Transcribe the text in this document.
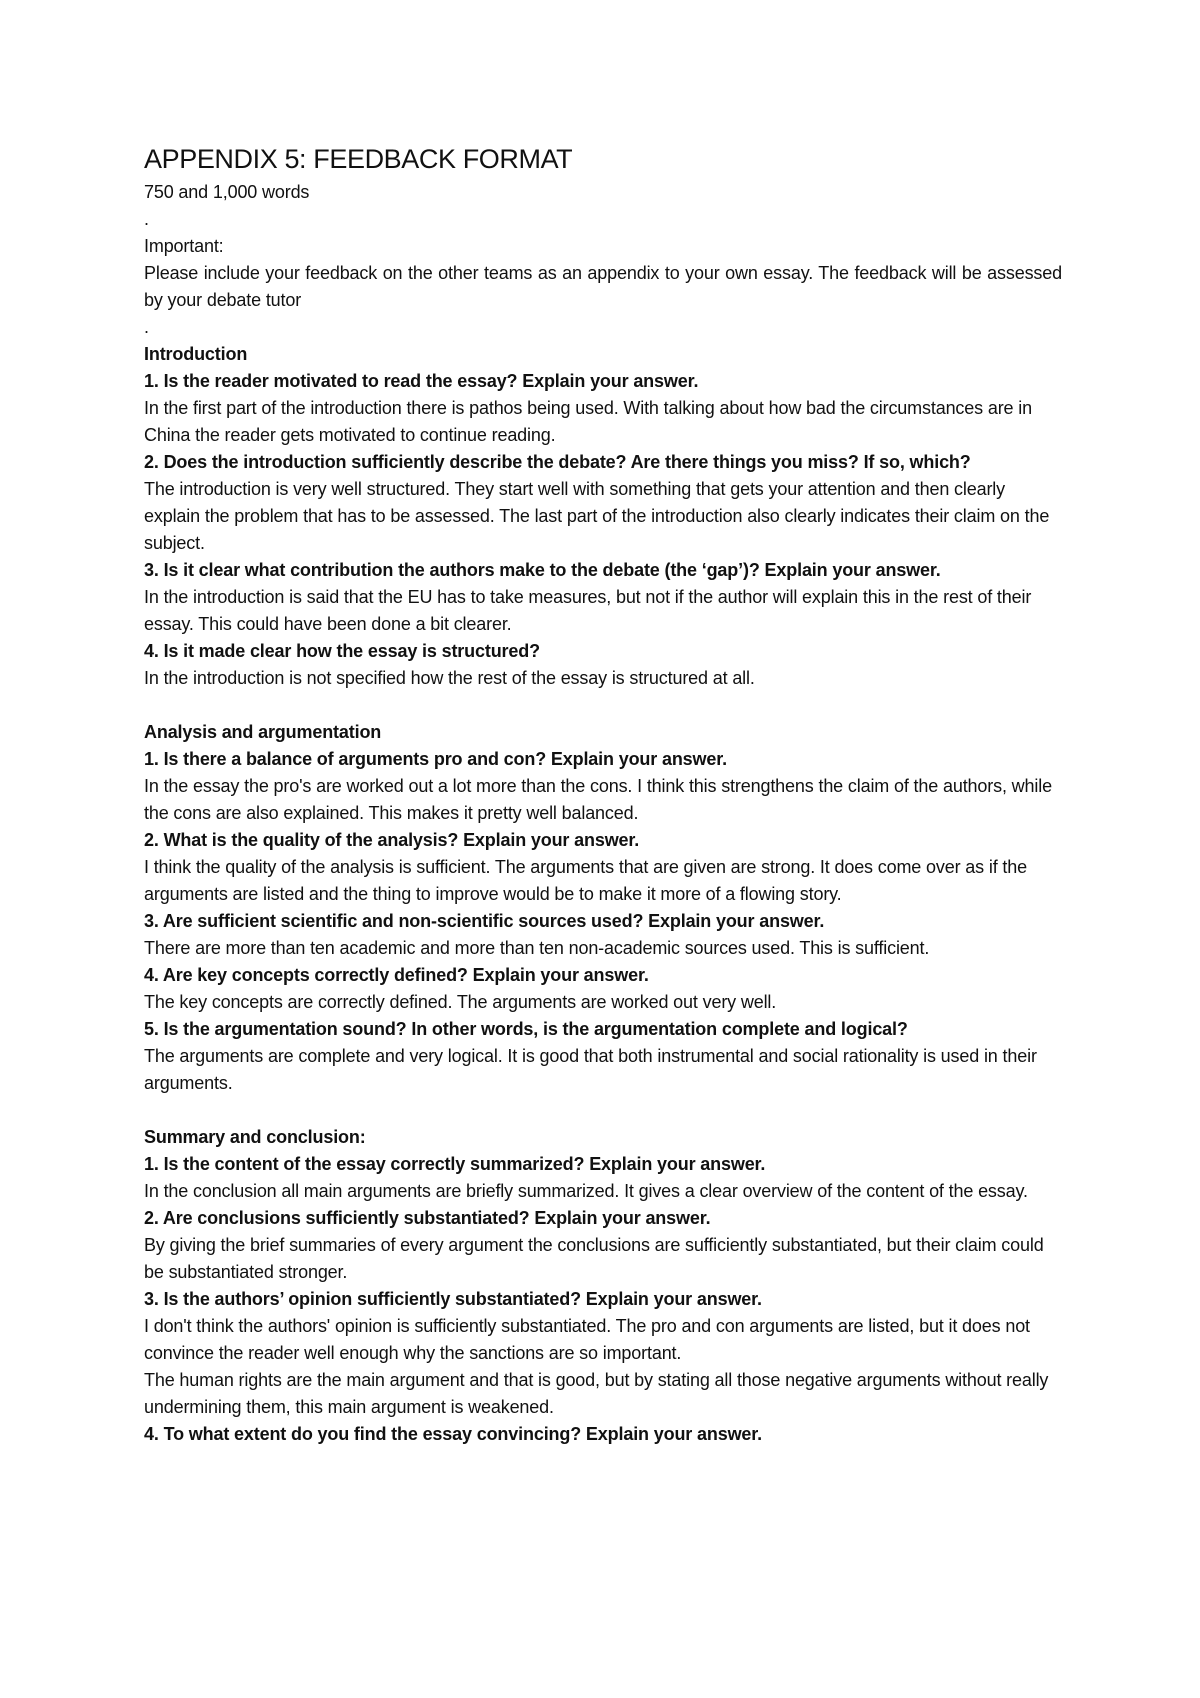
APPENDIX 5: FEEDBACK FORMAT

750 and 1,000 words

.

Important:

Please include your feedback on the other teams as an appendix to your own essay. The feedback will be assessed by your debate tutor

.

Introduction

1. Is the reader motivated to read the essay? Explain your answer.

In the first part of the introduction there is pathos being used. With talking about how bad the circumstances are in China the reader gets motivated to continue reading.

2. Does the introduction sufficiently describe the debate? Are there things you miss? If so, which?

The introduction is very well structured. They start well with something that gets your attention and then clearly explain the problem that has to be assessed. The last part of the introduction also clearly indicates their claim on the subject.

3. Is it clear what contribution the authors make to the debate (the ‘gap’)? Explain your answer.

In the introduction is said that the EU has to take measures, but not if the author will explain this in the rest of their essay. This could have been done a bit clearer.

4. Is it made clear how the essay is structured?

In the introduction is not specified how the rest of the essay is structured at all.

Analysis and argumentation

1. Is there a balance of arguments pro and con? Explain your answer.

In the essay the pro's are worked out a lot more than the cons. I think this strengthens the claim of the authors, while the cons are also explained. This makes it pretty well balanced.

2. What is the quality of the analysis? Explain your answer.

I think the quality of the analysis is sufficient. The arguments that are given are strong. It does come over as if the arguments are listed and the thing to improve would be to make it more of a flowing story.

3. Are sufficient scientific and non-scientific sources used? Explain your answer.

There are more than ten academic and more than ten non-academic sources used. This is sufficient.

4. Are key concepts correctly defined? Explain your answer.

The key concepts are correctly defined. The arguments are worked out very well.

5. Is the argumentation sound? In other words, is the argumentation complete and logical?

The arguments are complete and very logical. It is good that both instrumental and social rationality is used in their arguments.

Summary and conclusion:

1. Is the content of the essay correctly summarized? Explain your answer.

In the conclusion all main arguments are briefly summarized. It gives a clear overview of the content of the essay.

2. Are conclusions sufficiently substantiated? Explain your answer.

By giving the brief summaries of every argument the conclusions are sufficiently substantiated, but their claim could be substantiated stronger.

3. Is the authors’ opinion sufficiently substantiated? Explain your answer.

I don't think the authors' opinion is sufficiently substantiated. The pro and con arguments are listed, but it does not convince the reader well enough why the sanctions are so important.

The human rights are the main argument and that is good, but by stating all those negative arguments without really undermining them, this main argument is weakened.

4. To what extent do you find the essay convincing? Explain your answer.
